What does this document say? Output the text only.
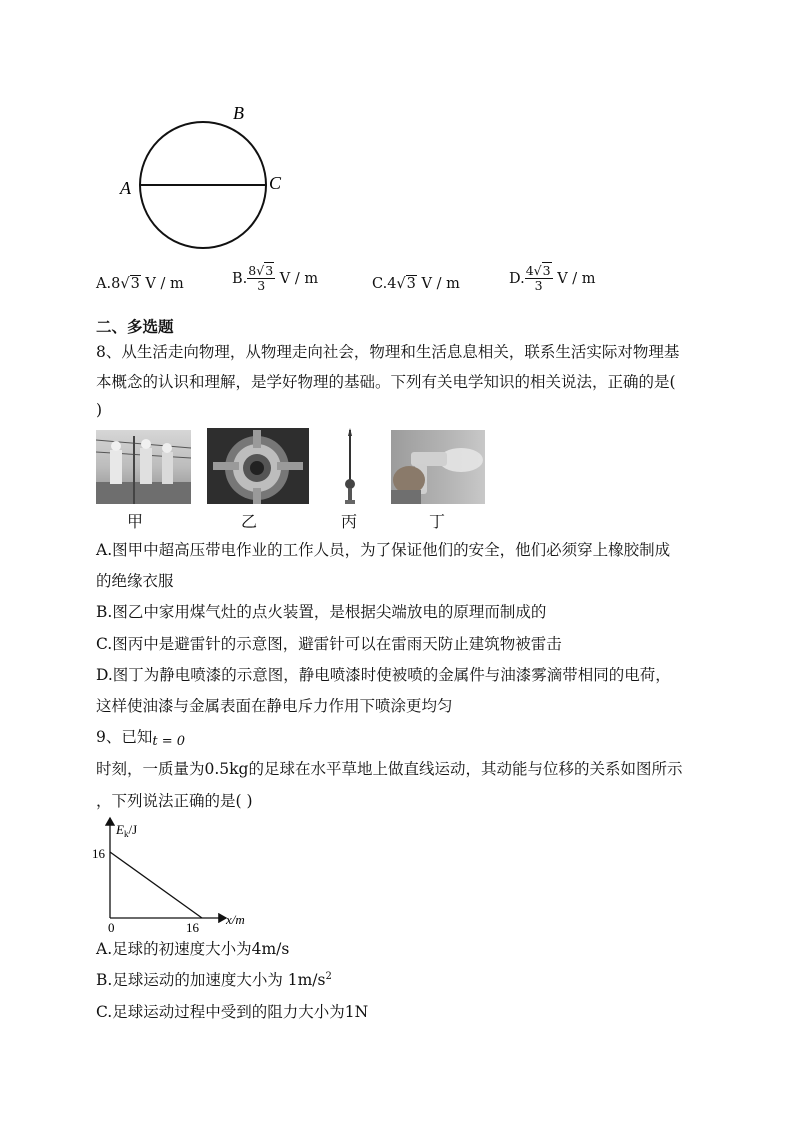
A
B
C
A.8√3 V / m	B. $\frac{8√3}{3}$ V / m	C.4√3 V / m	D. $\frac{4√3}{3}$ V / m
二、多选题
8、从生活走向物理，从物理走向社会，物理和生活息息相关，联系生活实际对物理基
本概念的认识和理解，是学好物理的基础。下列有关电学知识的相关说法，正确的是(
)
甲	乙	丙	丁
A.图甲中超高压带电作业的工作人员，为了保证他们的安全，他们必须穿上橡胶制成
的绝缘衣服
B.图乙中家用煤气灶的点火装置，是根据尖端放电的原理而制成的
C.图丙中是避雷针的示意图，避雷针可以在雷雨天防止建筑物被雷击
D.图丁为静电喷漆的示意图，静电喷漆时使被喷的金属件与油漆雾滴带相同的电荷，
这样使油漆与金属表面在静电斥力作用下喷涂更均匀
9、已知t = 0
时刻，一质量为0.5kg的足球在水平草地上做直线运动，其动能与位移的关系如图所示
，下列说法正确的是( )
$E_k/J$
16
0	16
x/m
A.足球的初速度大小为4m/s
B.足球运动的加速度大小为 $1m/s^2$
C.足球运动过程中受到的阻力大小为1N
